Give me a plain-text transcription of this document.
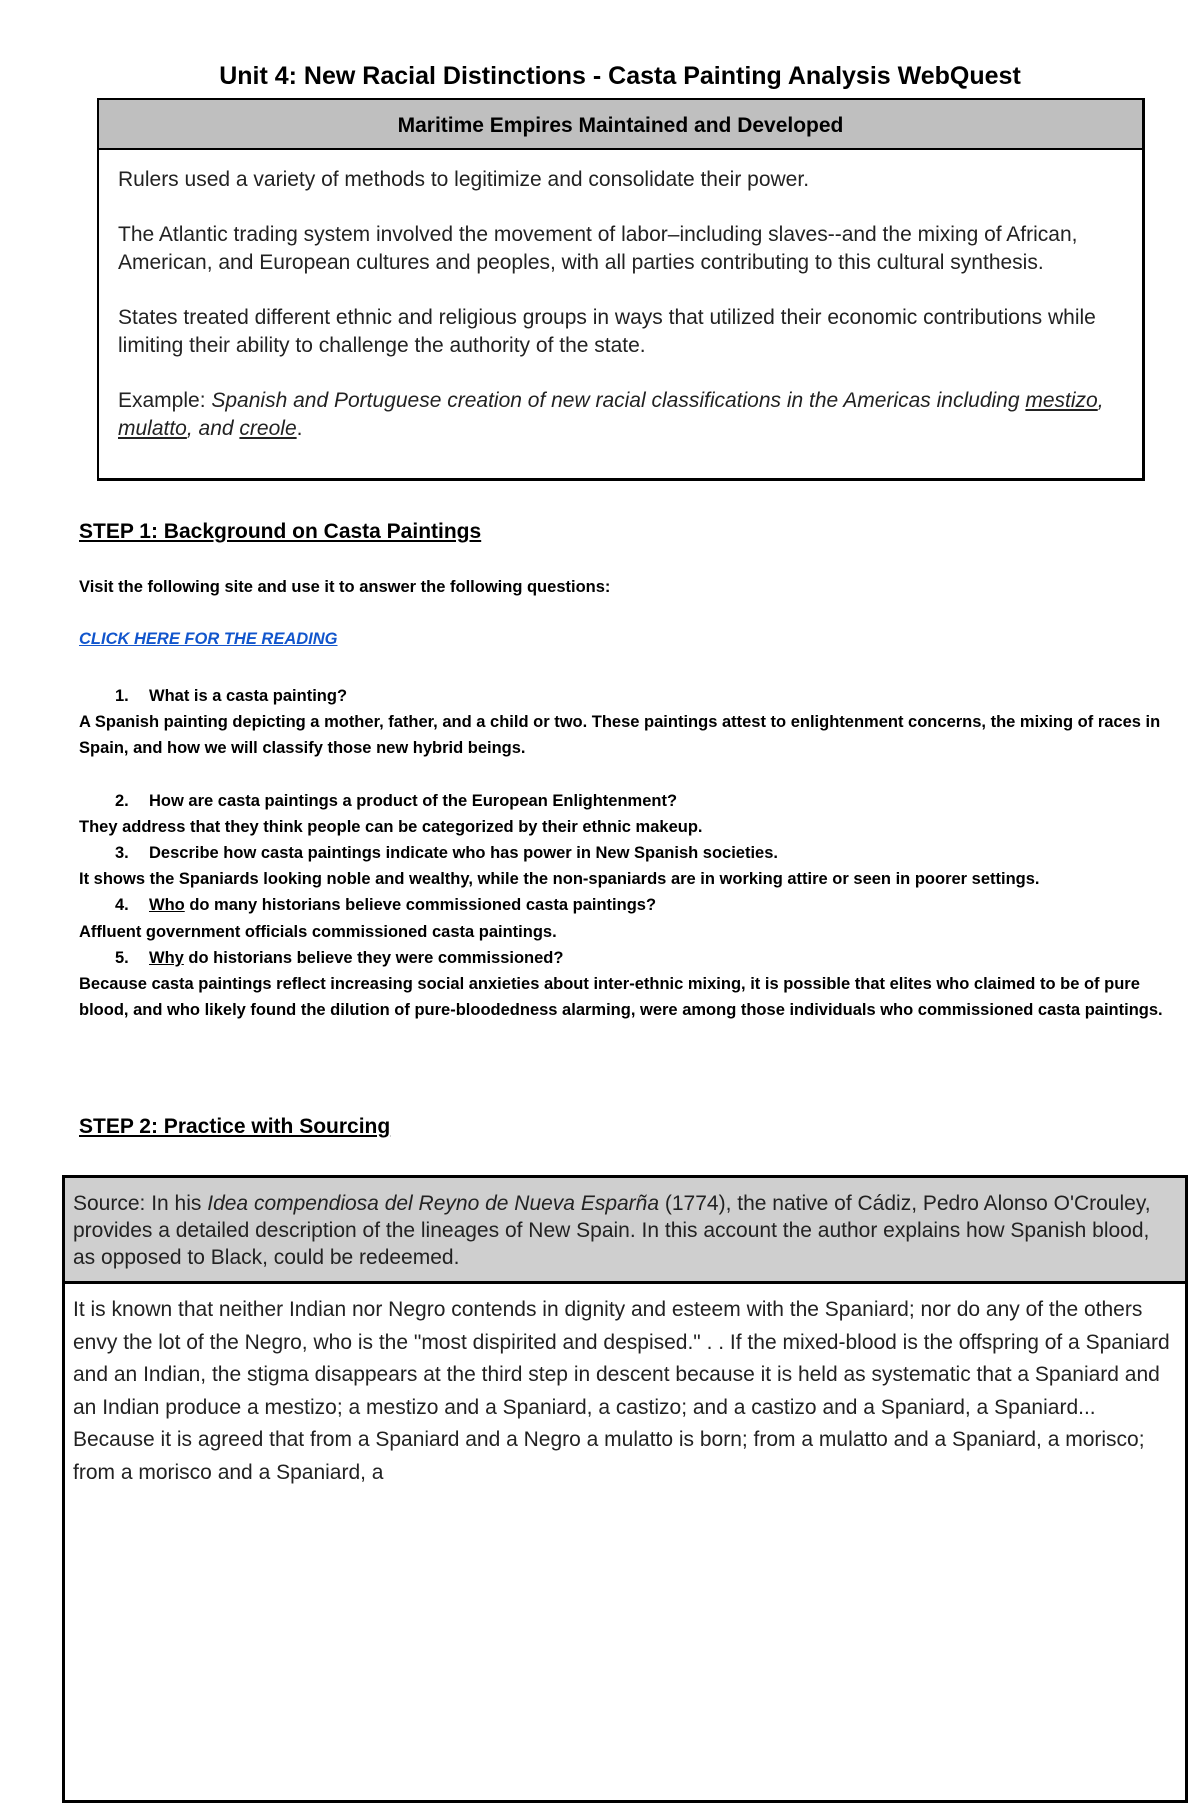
Unit 4: New Racial Distinctions - Casta Painting Analysis WebQuest
Maritime Empires Maintained and Developed

Rulers used a variety of methods to legitimize and consolidate their power.

The Atlantic trading system involved the movement of labor–including slaves--and the mixing of African, American, and European cultures and peoples, with all parties contributing to this cultural synthesis.

States treated different ethnic and religious groups in ways that utilized their economic contributions while limiting their ability to challenge the authority of the state.

Example: Spanish and Portuguese creation of new racial classifications in the Americas including mestizo, mulatto, and creole.

STEP 1: Background on Casta Paintings
Visit the following site and use it to answer the following questions:
CLICK HERE FOR THE READING
1. What is a casta painting?
A Spanish painting depicting a mother, father, and a child or two. These paintings attest to enlightenment concerns, the mixing of races in Spain, and how we will classify those new hybrid beings.
2. How are casta paintings a product of the European Enlightenment?
They address that they think people can be categorized by their ethnic makeup.
3. Describe how casta paintings indicate who has power in New Spanish societies.
It shows the Spaniards looking noble and wealthy, while the non-spaniards are in working attire or seen in poorer settings.
4. Who do many historians believe commissioned casta paintings?
Affluent government officials commissioned casta paintings.
5. Why do historians believe they were commissioned?
Because casta paintings reflect increasing social anxieties about inter-ethnic mixing, it is possible that elites who claimed to be of pure blood, and who likely found the dilution of pure-bloodedness alarming, were among those individuals who commissioned casta paintings.
STEP 2: Practice with Sourcing
Source: In his Idea compendiosa del Reyno de Nueva Esparña (1774), the native of Cádiz, Pedro Alonso O'Crouley, provides a detailed description of the lineages of New Spain. In this account the author explains how Spanish blood, as opposed to Black, could be redeemed.
It is known that neither Indian nor Negro contends in dignity and esteem with the Spaniard; nor do any of the others envy the lot of the Negro, who is the "most dispirited and despised." . . If the mixed-blood is the offspring of a Spaniard and an Indian, the stigma disappears at the third step in descent because it is held as systematic that a Spaniard and an Indian produce a mestizo; a mestizo and a Spaniard, a castizo; and a castizo and a Spaniard, a Spaniard... Because it is agreed that from a Spaniard and a Negro a mulatto is born; from a mulatto and a Spaniard, a morisco; from a morisco and a Spaniard, a
